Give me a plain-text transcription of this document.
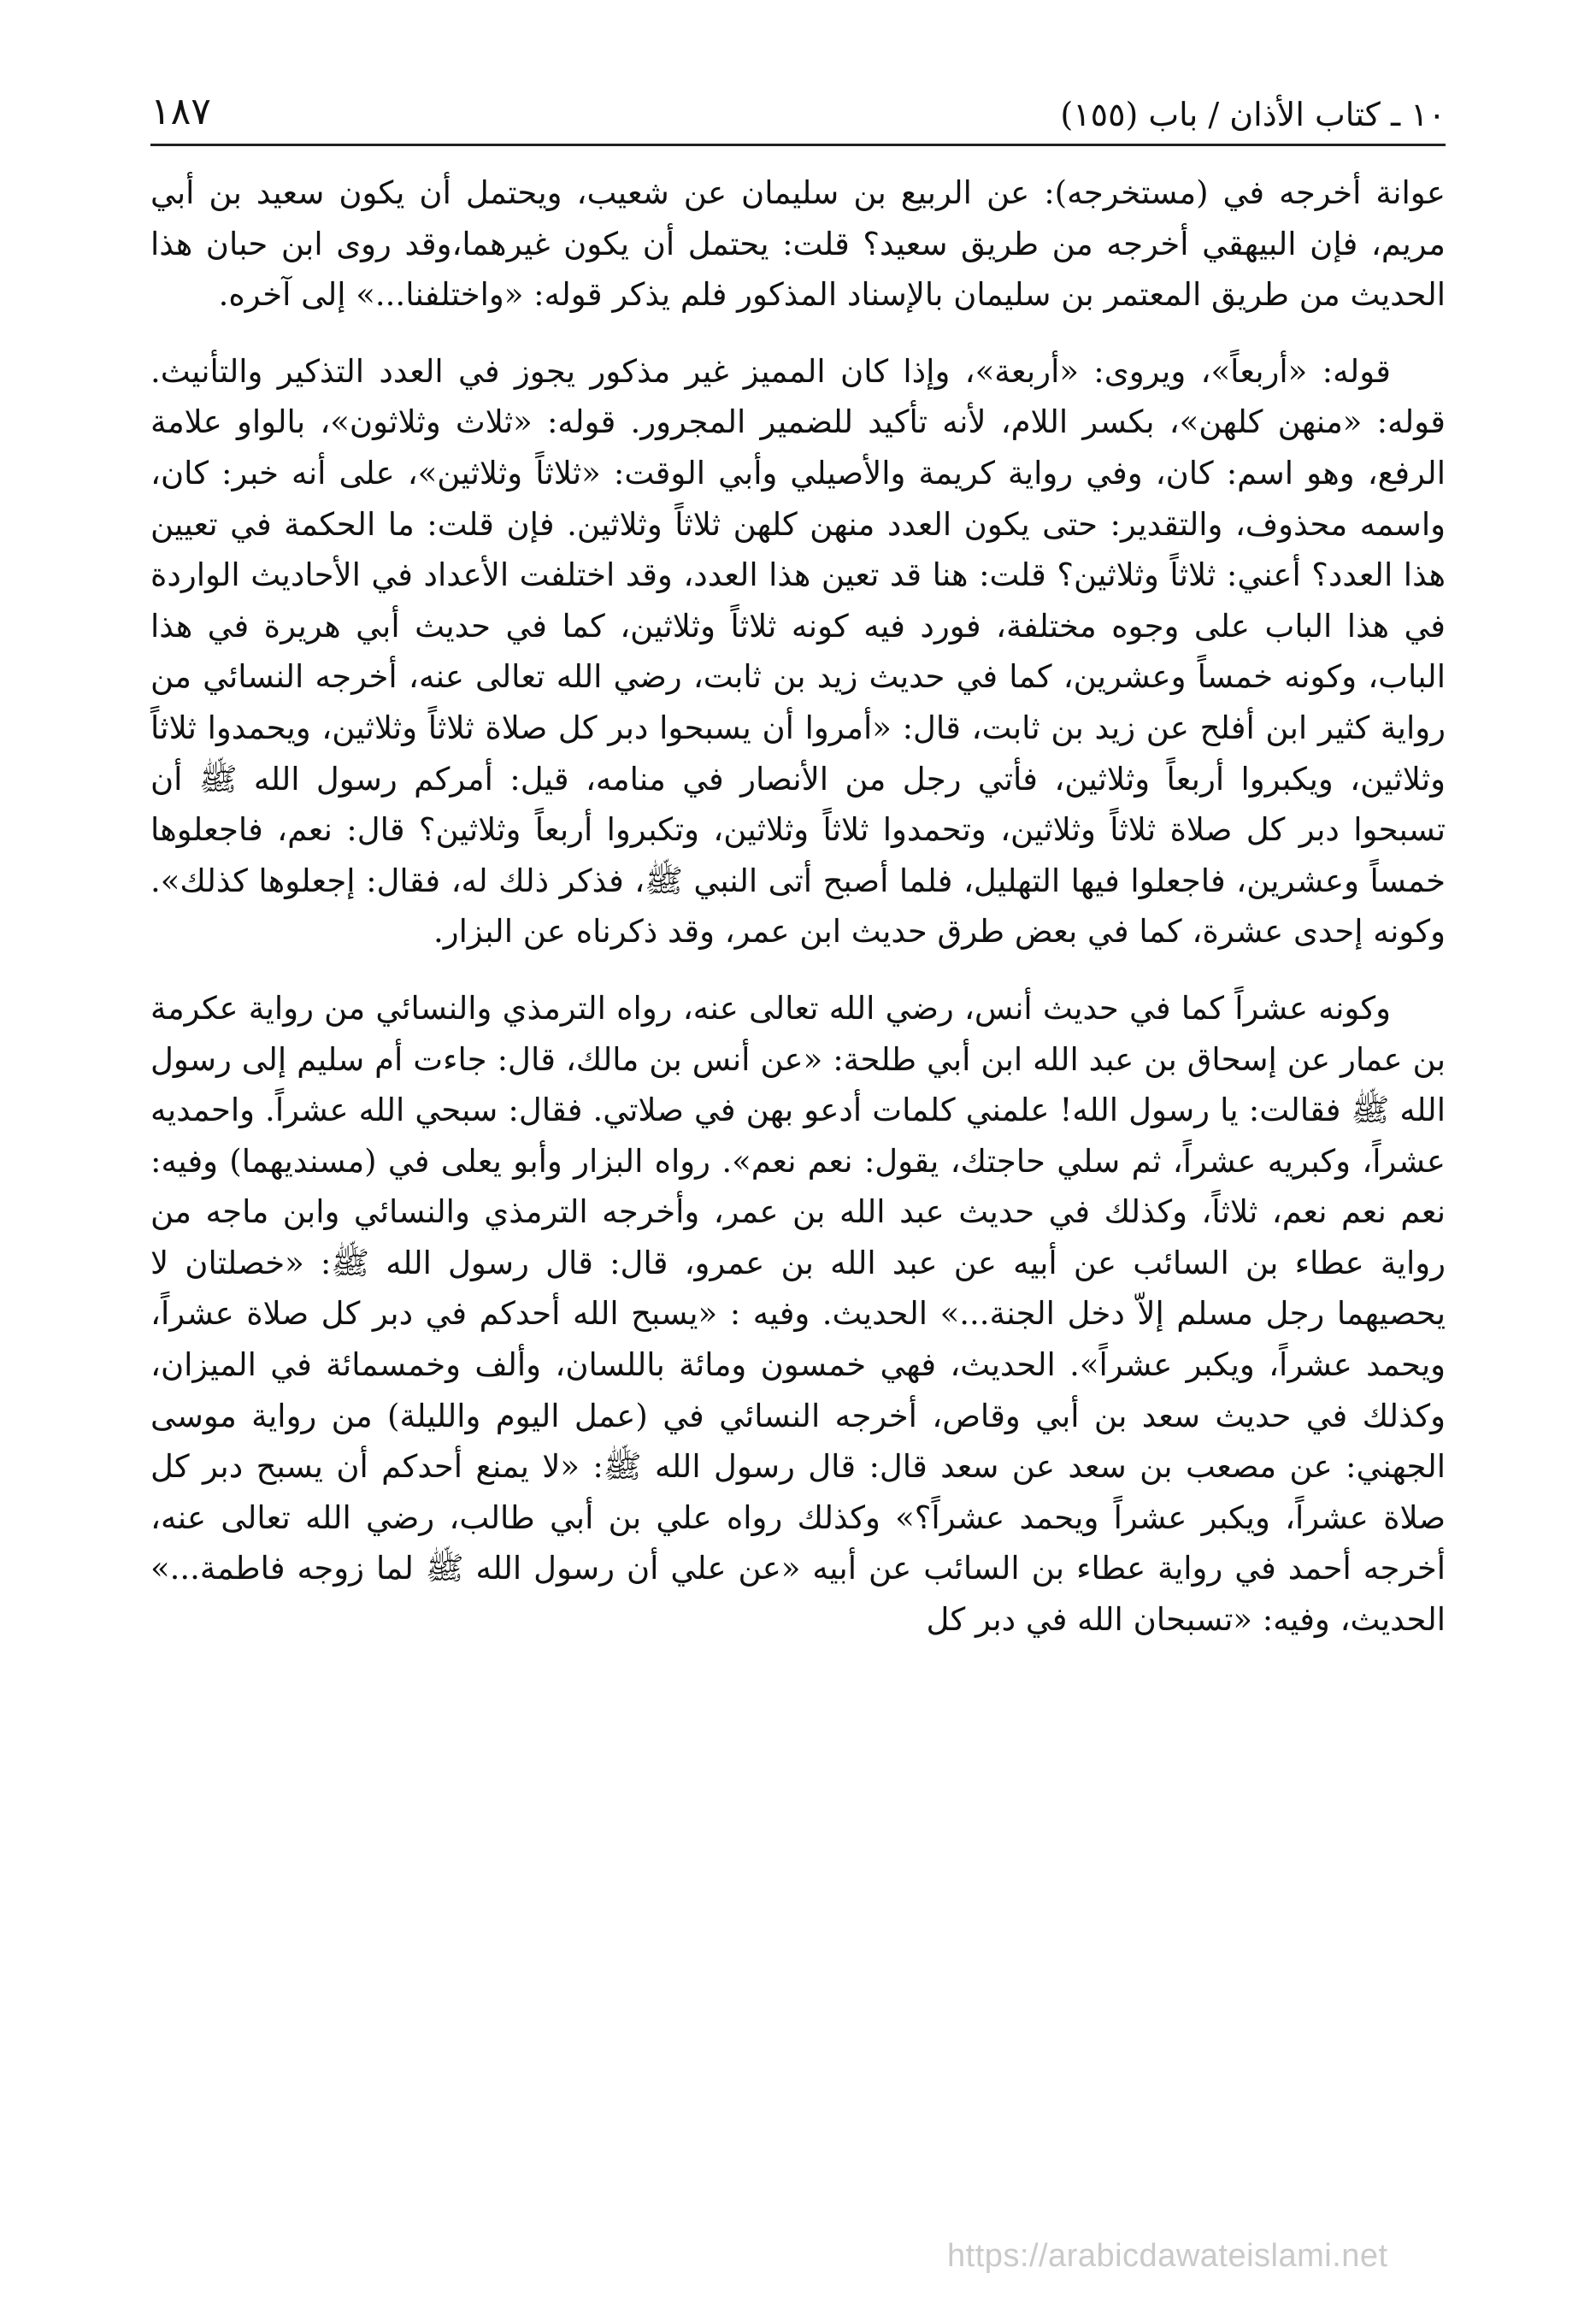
١٠ ـ كتاب الأذان / باب (١٥٥)
١٨٧

عوانة أخرجه في (مستخرجه): عن الربيع بن سليمان عن شعيب، ويحتمل أن يكون سعيد بن أبي مريم، فإن البيهقي أخرجه من طريق سعيد؟ قلت: يحتمل أن يكون غيرهما،وقد روى ابن حبان هذا الحديث من طريق المعتمر بن سليمان بالإسناد المذكور فلم يذكر قوله: «واختلفنا...» إلى آخره.

قوله: «أربعاً»، ويروى: «أربعة»، وإذا كان المميز غير مذكور يجوز في العدد التذكير والتأنيث. قوله: «منهن كلهن»، بكسر اللام، لأنه تأكيد للضمير المجرور. قوله: «ثلاث وثلاثون»، بالواو علامة الرفع، وهو اسم: كان، وفي رواية كريمة والأصيلي وأبي الوقت: «ثلاثاً وثلاثين»، على أنه خبر: كان، واسمه محذوف، والتقدير: حتى يكون العدد منهن كلهن ثلاثاً وثلاثين. فإن قلت: ما الحكمة في تعيين هذا العدد؟ أعني: ثلاثاً وثلاثين؟ قلت: هنا قد تعين هذا العدد، وقد اختلفت الأعداد في الأحاديث الواردة في هذا الباب على وجوه مختلفة، فورد فيه كونه ثلاثاً وثلاثين، كما في حديث أبي هريرة في هذا الباب، وكونه خمساً وعشرين، كما في حديث زيد بن ثابت، رضي الله تعالى عنه، أخرجه النسائي من رواية كثير ابن أفلح عن زيد بن ثابت، قال: «أمروا أن يسبحوا دبر كل صلاة ثلاثاً وثلاثين، ويحمدوا ثلاثاً وثلاثين، ويكبروا أربعاً وثلاثين، فأتي رجل من الأنصار في منامه، قيل: أمركم رسول الله ﷺ أن تسبحوا دبر كل صلاة ثلاثاً وثلاثين، وتحمدوا ثلاثاً وثلاثين، وتكبروا أربعاً وثلاثين؟ قال: نعم، فاجعلوها خمساً وعشرين، فاجعلوا فيها التهليل، فلما أصبح أتى النبي ﷺ، فذكر ذلك له، فقال: إجعلوها كذلك». وكونه إحدى عشرة، كما في بعض طرق حديث ابن عمر، وقد ذكرناه عن البزار.

وكونه عشراً كما في حديث أنس، رضي الله تعالى عنه، رواه الترمذي والنسائي من رواية عكرمة بن عمار عن إسحاق بن عبد الله ابن أبي طلحة: «عن أنس بن مالك، قال: جاءت أم سليم إلى رسول الله ﷺ فقالت: يا رسول الله! علمني كلمات أدعو بهن في صلاتي. فقال: سبحي الله عشراً. واحمديه عشراً، وكبريه عشراً، ثم سلي حاجتك، يقول: نعم نعم». رواه البزار وأبو يعلى في (مسنديهما) وفيه: نعم نعم نعم، ثلاثاً، وكذلك في حديث عبد الله بن عمر، وأخرجه الترمذي والنسائي وابن ماجه من رواية عطاء بن السائب عن أبيه عن عبد الله بن عمرو، قال: قال رسول الله ﷺ: «خصلتان لا يحصيهما رجل مسلم إلاّ دخل الجنة...» الحديث. وفيه : «يسبح الله أحدكم في دبر كل صلاة عشراً، ويحمد عشراً، ويكبر عشراً». الحديث، فهي خمسون ومائة باللسان، وألف وخمسمائة في الميزان، وكذلك في حديث سعد بن أبي وقاص، أخرجه النسائي في (عمل اليوم والليلة) من رواية موسى الجهني: عن مصعب بن سعد عن سعد قال: قال رسول الله ﷺ: «لا يمنع أحدكم أن يسبح دبر كل صلاة عشراً، ويكبر عشراً ويحمد عشراً؟» وكذلك رواه علي بن أبي طالب، رضي الله تعالى عنه، أخرجه أحمد في رواية عطاء بن السائب عن أبيه «عن علي أن رسول الله ﷺ لما زوجه فاطمة...» الحديث، وفيه: «تسبحان الله في دبر كل

https://arabicdawateislami.net
